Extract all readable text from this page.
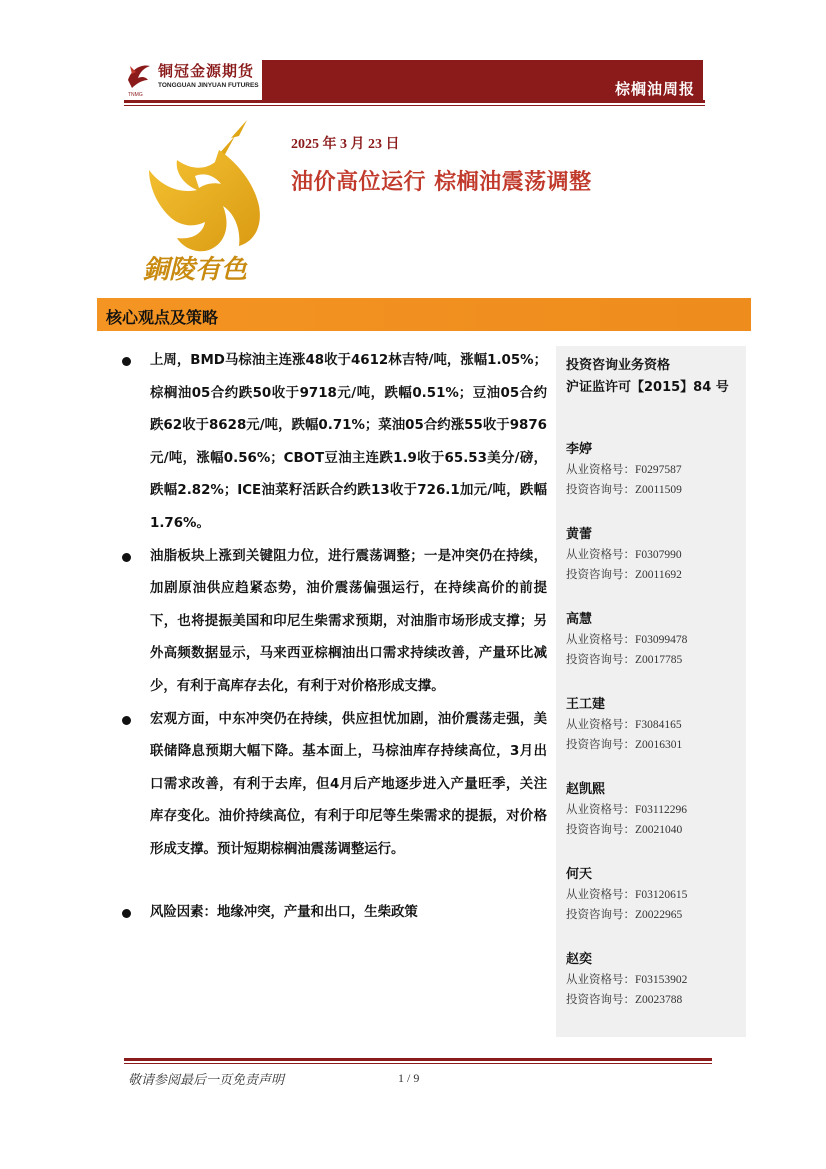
铜冠金源期货
TONGGUAN JINYUAN FUTURES
TNMG	棕榈油周报
銅陵有色
2025 年 3 月 23 日
油价高位运行 棕榈油震荡调整
核心观点及策略
上周，BMD马棕油主连涨48收于4612林吉特/吨，涨幅1.05%；棕榈油05合约跌50收于9718元/吨，跌幅0.51%；豆油05合约跌62收于8628元/吨，跌幅0.71%；菜油05合约涨55收于9876元/吨，涨幅0.56%；CBOT豆油主连跌1.9收于65.53美分/磅，跌幅2.82%；ICE油菜籽活跃合约跌13收于726.1加元/吨，跌幅1.76%。
油脂板块上涨到关键阻力位，进行震荡调整；一是冲突仍在持续，加剧原油供应趋紧态势，油价震荡偏强运行，在持续高价的前提下，也将提振美国和印尼生柴需求预期，对油脂市场形成支撑；另外高频数据显示，马来西亚棕榈油出口需求持续改善，产量环比减少，有利于高库存去化，有利于对价格形成支撑。
宏观方面，中东冲突仍在持续，供应担忧加剧，油价震荡走强，美联储降息预期大幅下降。基本面上，马棕油库存持续高位，3月出口需求改善，有利于去库，但4月后产地逐步进入产量旺季，关注库存变化。油价持续高位，有利于印尼等生柴需求的提振，对价格形成支撑。预计短期棕榈油震荡调整运行。
风险因素：地缘冲突，产量和出口，生柴政策
投资咨询业务资格
沪证监许可【2015】84 号
李婷
从业资格号：F0297587
投资咨询号：Z0011509
黄蕾
从业资格号：F0307990
投资咨询号：Z0011692
高慧
从业资格号：F03099478
投资咨询号：Z0017785
王工建
从业资格号：F3084165
投资咨询号：Z0016301
赵凯熙
从业资格号：F03112296
投资咨询号：Z0021040
何天
从业资格号：F03120615
投资咨询号：Z0022965
赵奕
从业资格号：F03153902
投资咨询号：Z0023788
敬请参阅最后一页免责声明	1 / 9
